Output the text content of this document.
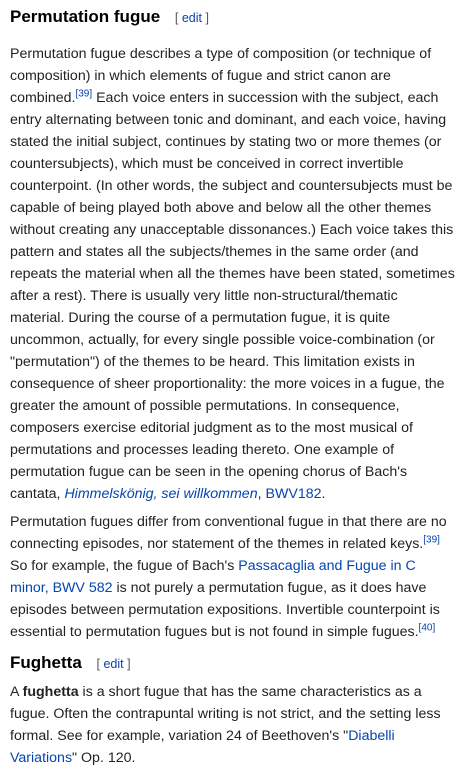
Permutation fugue [ edit ]

Permutation fugue describes a type of composition (or technique of composition) in which elements of fugue and strict canon are combined.[39] Each voice enters in succession with the subject, each entry alternating between tonic and dominant, and each voice, having stated the initial subject, continues by stating two or more themes (or countersubjects), which must be conceived in correct invertible counterpoint. (In other words, the subject and countersubjects must be capable of being played both above and below all the other themes without creating any unacceptable dissonances.) Each voice takes this pattern and states all the subjects/themes in the same order (and repeats the material when all the themes have been stated, sometimes after a rest). There is usually very little non-structural/thematic material. During the course of a permutation fugue, it is quite uncommon, actually, for every single possible voice-combination (or "permutation") of the themes to be heard. This limitation exists in consequence of sheer proportionality: the more voices in a fugue, the greater the amount of possible permutations. In consequence, composers exercise editorial judgment as to the most musical of permutations and processes leading thereto. One example of permutation fugue can be seen in the opening chorus of Bach's cantata, Himmelskönig, sei willkommen, BWV182.

Permutation fugues differ from conventional fugue in that there are no connecting episodes, nor statement of the themes in related keys.[39] So for example, the fugue of Bach's Passacaglia and Fugue in C minor, BWV 582 is not purely a permutation fugue, as it does have episodes between permutation expositions. Invertible counterpoint is essential to permutation fugues but is not found in simple fugues.[40]

Fughetta [ edit ]

A fughetta is a short fugue that has the same characteristics as a fugue. Often the contrapuntal writing is not strict, and the setting less formal. See for example, variation 24 of Beethoven's "Diabelli Variations" Op. 120.
